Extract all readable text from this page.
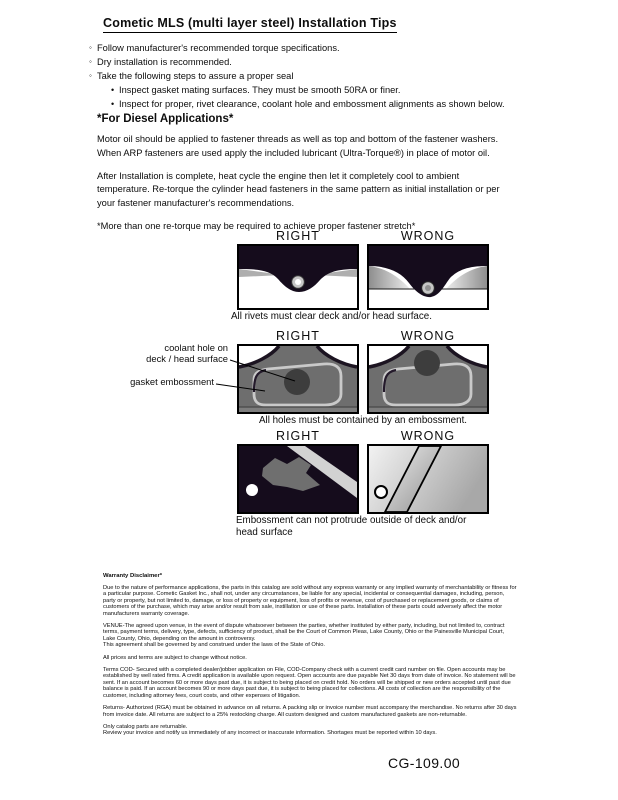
Cometic MLS (multi layer steel) Installation Tips
◦ Follow manufacturer's recommended torque specifications.
◦ Dry installation is recommended.
◦ Take the following steps to assure a proper seal
• Inspect gasket mating surfaces. They must be smooth 50RA or finer.
• Inspect for proper, rivet clearance, coolant hole and embossment alignments as shown below.
*For Diesel Applications*

Motor oil should be applied to fastener threads as well as top and bottom of the fastener washers. When ARP fasteners are used apply the included lubricant (Ultra-Torque®) in place of motor oil.

After Installation is complete, heat cycle the engine then let it completely cool to ambient temperature. Re-torque the cylinder head fasteners in the same pattern as initial installation or per your fastener manufacturer's recommendations.

*More than one re-torque may be required to achieve proper fastener stretch*

RIGHT	WRONG
All rivets must clear deck and/or head surface.
RIGHT	WRONG
coolant hole on
deck / head surface
gasket embossment
All holes must be contained by an embossment.
RIGHT	WRONG
Embossment can not protrude outside of deck and/or head surface
Warranty Disclaimer*

Due to the nature of performance applications, the parts in this catalog are sold without any express warranty or any implied warranty of merchantability or fitness for a particular purpose. Cometic Gasket Inc., shall not, under any circumstances, be liable for any special, incidental or consequential damages, including, person, party or property, but not limited to, damage, or loss of property or equipment, loss of profits or revenue, cost of purchased or replacement goods, or claims of customers of the purchase, which may arise and/or result from sale, instillation or use of these parts. Installation of these parts could adversely affect the motor manufacturers warranty coverage.

VENUE-The agreed upon venue, in the event of dispute whatsoever between the parties, whether instituted by either party, including, but not limited to, contract terms, payment terms, delivery, type, defects, sufficiency of product, shall be the Court of Common Pleas, Lake County, Ohio or the Painesville Municipal Court, Lake County, Ohio, depending on the amount in controversy.
This agreement shall be governed by and construed under the laws of the State of Ohio.

All prices and terms are subject to change without notice.

Terms COD- Secured with a completed dealer/jobber application on File, COD-Company check with a current credit card number on file. Open accounts may be established by well rated firms. A credit application is available upon request. Open accounts are due payable Net 30 days from date of invoice. No statement will be sent. If an account becomes 60 or more days past due, it is subject to being placed on credit hold. No orders will be shipped or new orders accepted until past due balance is paid. If an account becomes 90 or more days past due, it is subject to being placed for collections. All costs of collection are the responsibility of the customer, including attorney fees, court costs, and other expenses of litigation.

Returns- Authorized (RGA) must be obtained in advance on all returns. A packing slip or invoice number must accompany the merchandise. No returns after 30 days from invoice date. All returns are subject to a 25% restocking charge. All custom designed and custom manufactured gaskets are non-returnable.

Only catalog parts are returnable.
Review your invoice and notify us immediately of any incorrect or inaccurate information. Shortages must be reported within 10 days.

CG-109.00
